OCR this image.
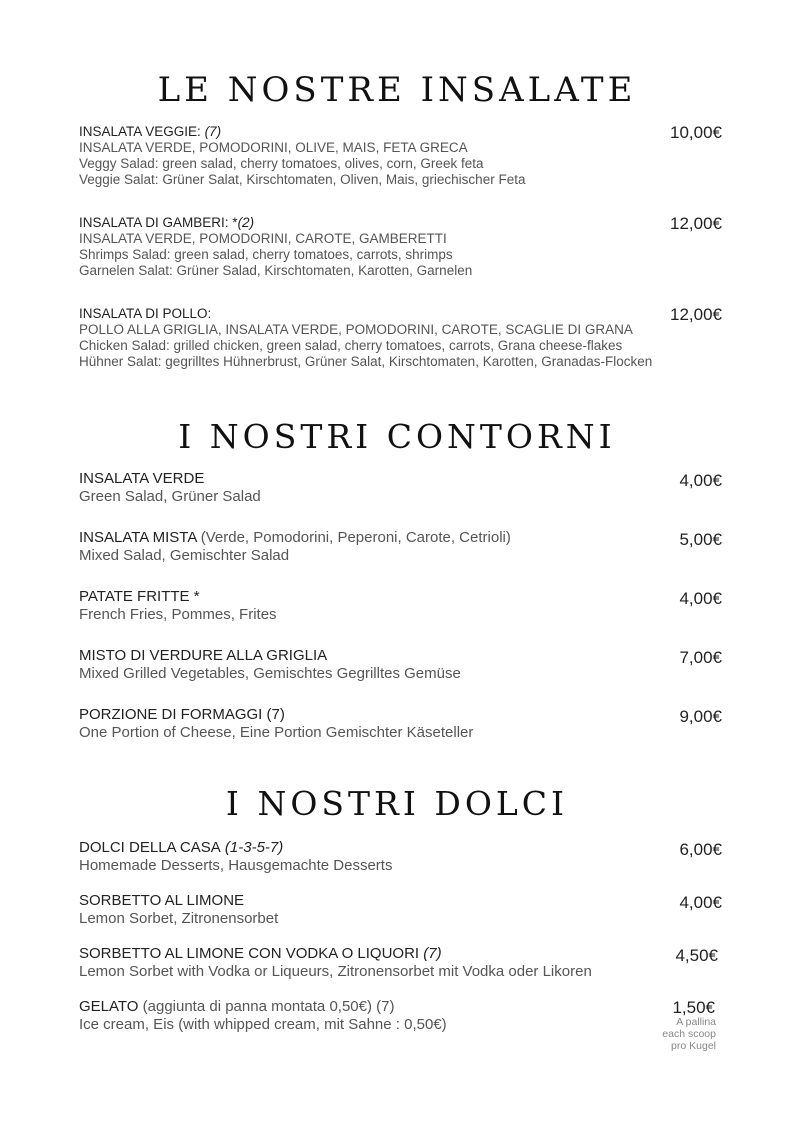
LE NOSTRE INSALATE
INSALATA VEGGIE: (7)
INSALATA VERDE, POMODORINI, OLIVE, MAIS, FETA GRECA
Veggy Salad: green salad, cherry tomatoes, olives, corn, Greek feta
Veggie Salat: Grüner Salat, Kirschtomaten, Oliven, Mais, griechischer Feta
10,00€
INSALATA DI GAMBERI: *(2)
INSALATA VERDE, POMODORINI, CAROTE, GAMBERETTI
Shrimps Salad: green salad, cherry tomatoes, carrots, shrimps
Garnelen Salat: Grüner Salad, Kirschtomaten, Karotten, Garnelen
12,00€
INSALATA DI POLLO:
POLLO ALLA GRIGLIA, INSALATA VERDE, POMODORINI, CAROTE, SCAGLIE DI GRANA
Chicken Salad: grilled chicken, green salad, cherry tomatoes, carrots, Grana cheese-flakes
Hühner Salat: gegrilltes Hühnerbrust, Grüner Salat, Kirschtomaten, Karotten, Granadas-Flocken
12,00€
I NOSTRI CONTORNI
INSALATA VERDE
Green Salad, Grüner Salad
4,00€
INSALATA MISTA (Verde, Pomodorini, Peperoni, Carote, Cetrioli)
Mixed Salad, Gemischter Salad
5,00€
PATATE FRITTE *
French Fries, Pommes, Frites
4,00€
MISTO DI VERDURE ALLA GRIGLIA
Mixed Grilled Vegetables, Gemischtes Gegrilltes Gemüse
7,00€
PORZIONE DI FORMAGGI (7)
One Portion of Cheese, Eine Portion Gemischter Käseteller
9,00€
I NOSTRI DOLCI
DOLCI DELLA CASA (1-3-5-7)
Homemade Desserts, Hausgemachte Desserts
6,00€
SORBETTO AL LIMONE
Lemon Sorbet, Zitronensorbet
4,00€
SORBETTO AL LIMONE CON VODKA O LIQUORI (7)
Lemon Sorbet with Vodka or Liqueurs, Zitronensorbet mit Vodka oder Likoren
4,50€
GELATO (aggiunta di panna montata 0,50€) (7)
Ice cream, Eis (with whipped cream, mit Sahne : 0,50€)
1,50€
A pallina
each scoop
pro Kugel
